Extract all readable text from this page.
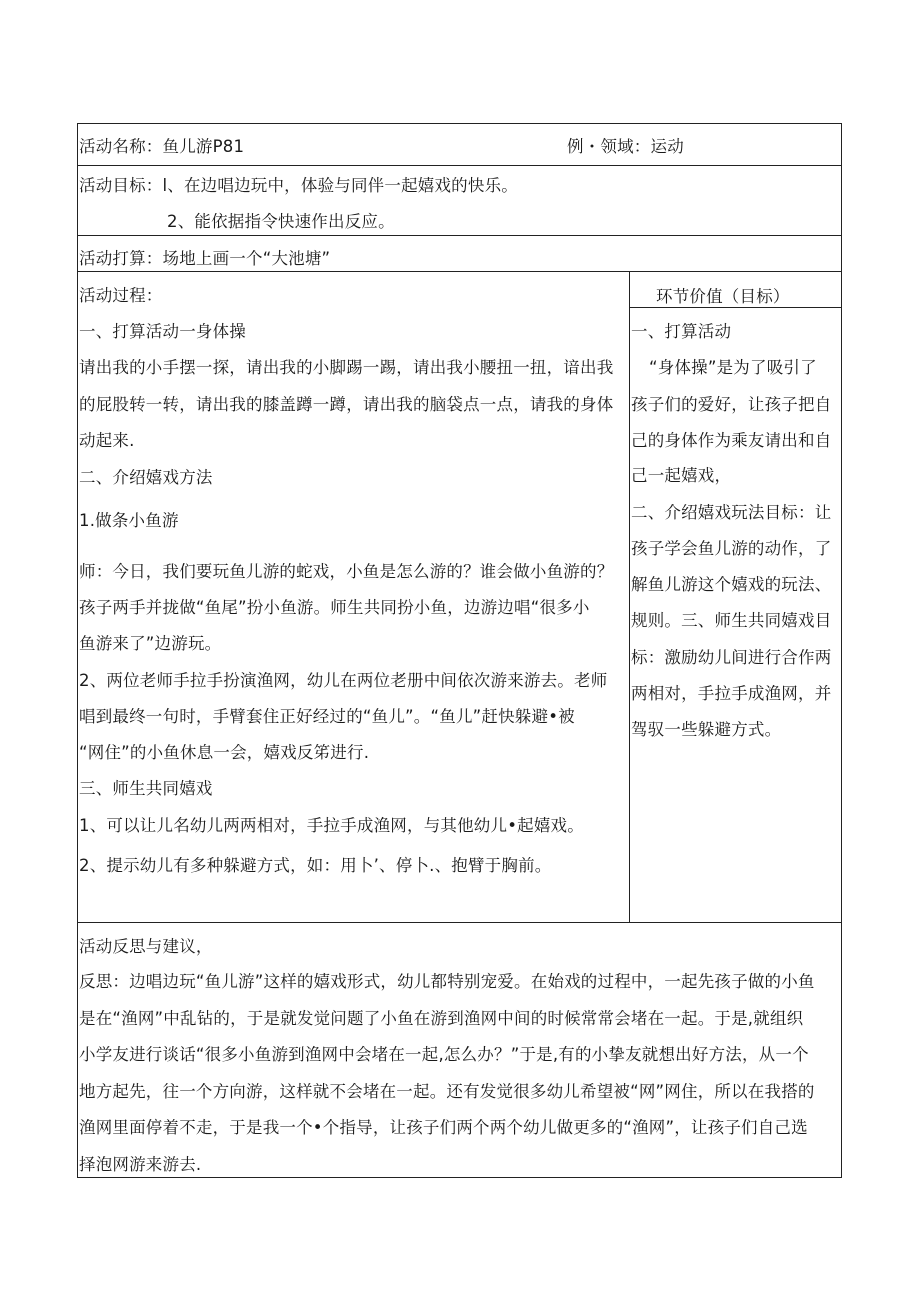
活动名称：鱼儿游P81	例・领域：运动
活动目标：l、在边唱边玩中，体验与同伴一起嬉戏的快乐。
2、能依据指令快速作出反应。
活动打算：场地上画一个“大池塘”
活动过程：
一、打算活动一身体操
请出我的小手摆一探，请出我的小脚踢一踢，请出我小腰扭一扭，谙出我
的屁股转一转，请出我的膝盖蹲一蹲，请出我的脑袋点一点，请我的身体
动起来.
二、介绍嬉戏方法
1.做条小鱼游
师：今日，我们要玩鱼儿游的蛇戏，小鱼是怎么游的？谁会做小鱼游的？
孩子两手并拢做“鱼尾”扮小鱼游。师生共同扮小鱼，边游边唱“很多小
鱼游来了”边游玩。
2、两位老师手拉手扮演渔网，幼儿在两位老册中间依次游来游去。老师
唱到最终一句时，手臂套住正好经过的“鱼儿”。“鱼儿”赶快躲避•被
“网住”的小鱼休息一会，嬉戏反笫进行.
三、师生共同嬉戏
1、可以让儿名幼儿两两相对，手拉手成渔网，与其他幼儿•起嬉戏。
2、提示幼儿有多种躲避方式，如：用卜’、停卜.、抱臂于胸前。
环节价值（目标）
一、打算活动
“身体操”是为了吸引了
孩子们的爱好，让孩子把自
己的身体作为乘友请出和自
己一起嬉戏，
二、介绍嬉戏玩法目标：让
孩子学会鱼儿游的动作，了
解鱼儿游这个嬉戏的玩法、
规则。三、师生共同嬉戏目
标：激励幼儿间进行合作两
两相对，手拉手成渔网，并
驾驭一些躲避方式。
活动反思与建议，
反思：边唱边玩“鱼儿游”这样的嬉戏形式，幼儿都特别宠爱。在始戏的过程中，一起先孩子做的小鱼
是在“渔网”中乱钻的，于是就发觉问题了小鱼在游到渔网中间的时候常常会堵在一起。于是,就组织
小学友进行谈话“很多小鱼游到渔网中会堵在一起,怎么办？”于是,有的小挚友就想出好方法，从一个
地方起先，往一个方向游，这样就不会堵在一起。还有发觉很多幼儿希望被“网”网住，所以在我搭的
渔网里面停着不走，于是我一个•个指导，让孩子们两个两个幼儿做更多的“渔网”，让孩子们自己选
择泡网游来游去.
